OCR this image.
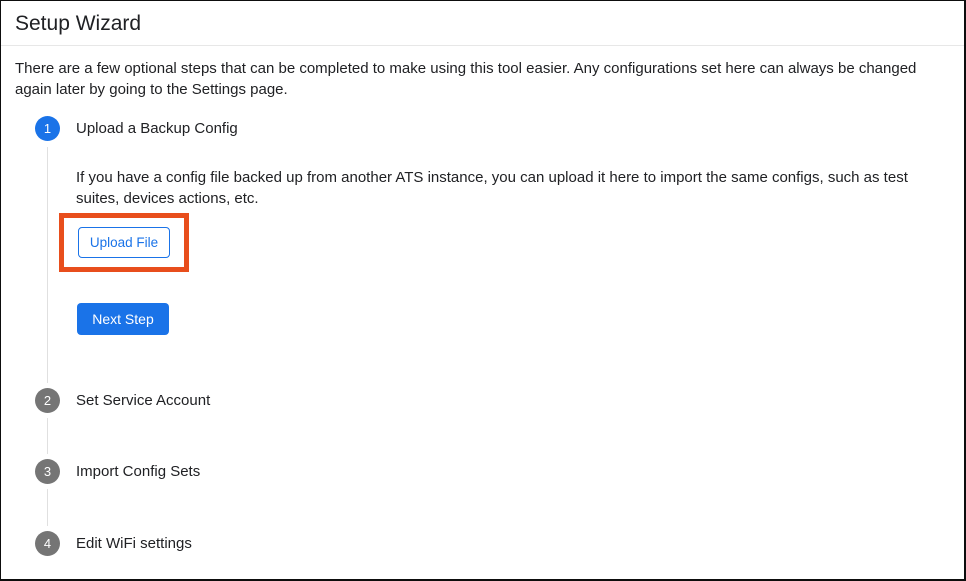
Setup Wizard

There are a few optional steps that can be completed to make using this tool easier. Any configurations set here can always be changed again later by going to the Settings page.

1 Upload a Backup Config

If you have a config file backed up from another ATS instance, you can upload it here to import the same configs, such as test suites, devices actions, etc.

Upload File
Next Step
2 Set Service Account
3 Import Config Sets
4 Edit WiFi settings
